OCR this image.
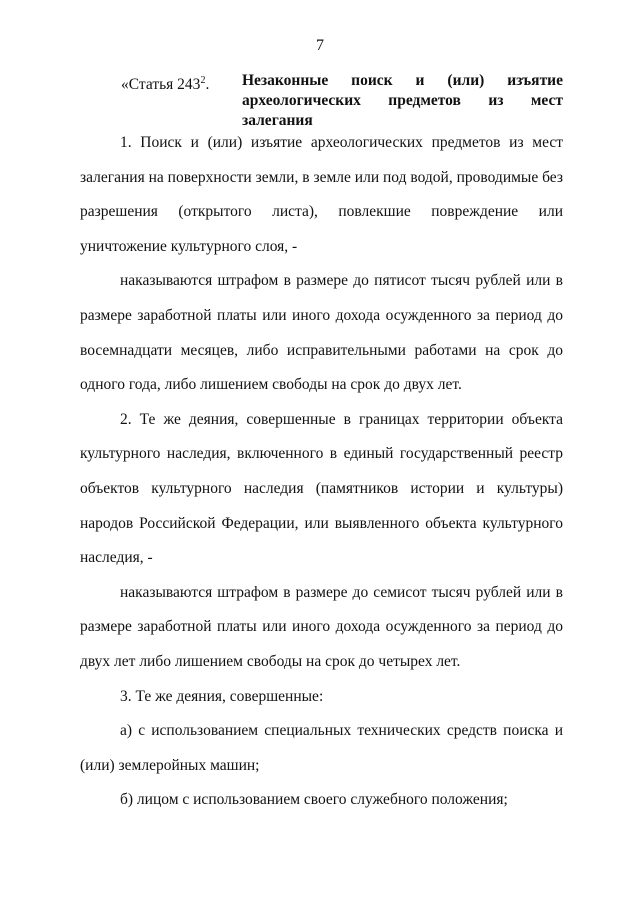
7
«Статья $243^2$. Незаконные поиск и (или) изъятие
археологических предметов из мест залегания

1. Поиск и (или) изъятие археологических предметов из мест залегания на поверхности земли, в земле или под водой, проводимые без разрешения (открытого листа), повлекшие повреждение или уничтожение культурного слоя, -

наказываются штрафом в размере до пятисот тысяч рублей или в размере заработной платы или иного дохода осужденного за период до восемнадцати месяцев, либо исправительными работами на срок до одного года, либо лишением свободы на срок до двух лет.

2. Те же деяния, совершенные в границах территории объекта культурного наследия, включенного в единый государственный реестр объектов культурного наследия (памятников истории и культуры) народов Российской Федерации, или выявленного объекта культурного наследия, -

наказываются штрафом в размере до семисот тысяч рублей или в размере заработной платы или иного дохода осужденного за период до двух лет либо лишением свободы на срок до четырех лет.

3. Те же деяния, совершенные:

а) с использованием специальных технических средств поиска и (или) землеройных машин;

б) лицом с использованием своего служебного положения;
